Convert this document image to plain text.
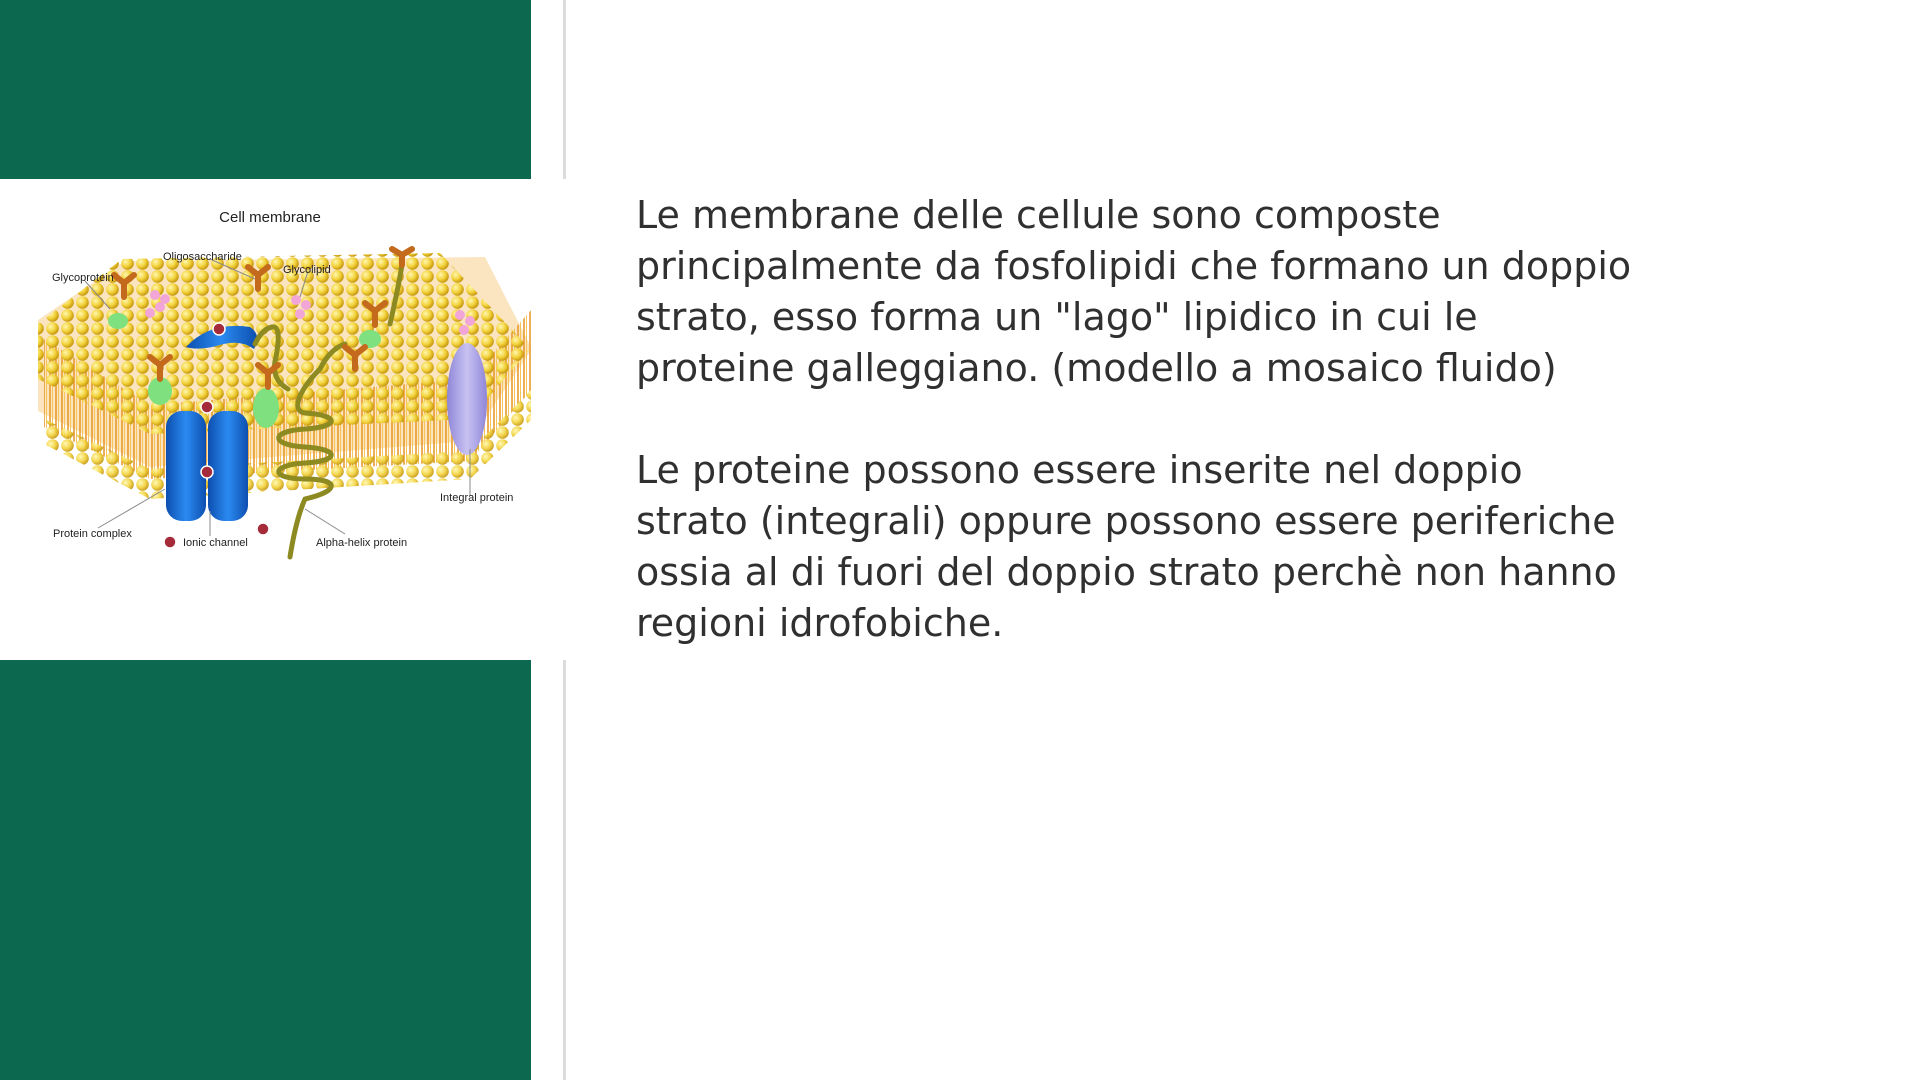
Cell membrane
Glycoprotein
Oligosaccharide
Glycolipid
Integral protein
Protein complex
Ionic channel	Alpha-helix protein

Le membrane delle cellule sono composte principalmente da fosfolipidi che formano un doppio strato, esso forma un "lago" lipidico in cui le proteine galleggiano. (modello a mosaico fluido)

Le proteine possono essere inserite nel doppio strato (integrali) oppure possono essere periferiche ossia al di fuori del doppio strato perchè non hanno regioni idrofobiche.
